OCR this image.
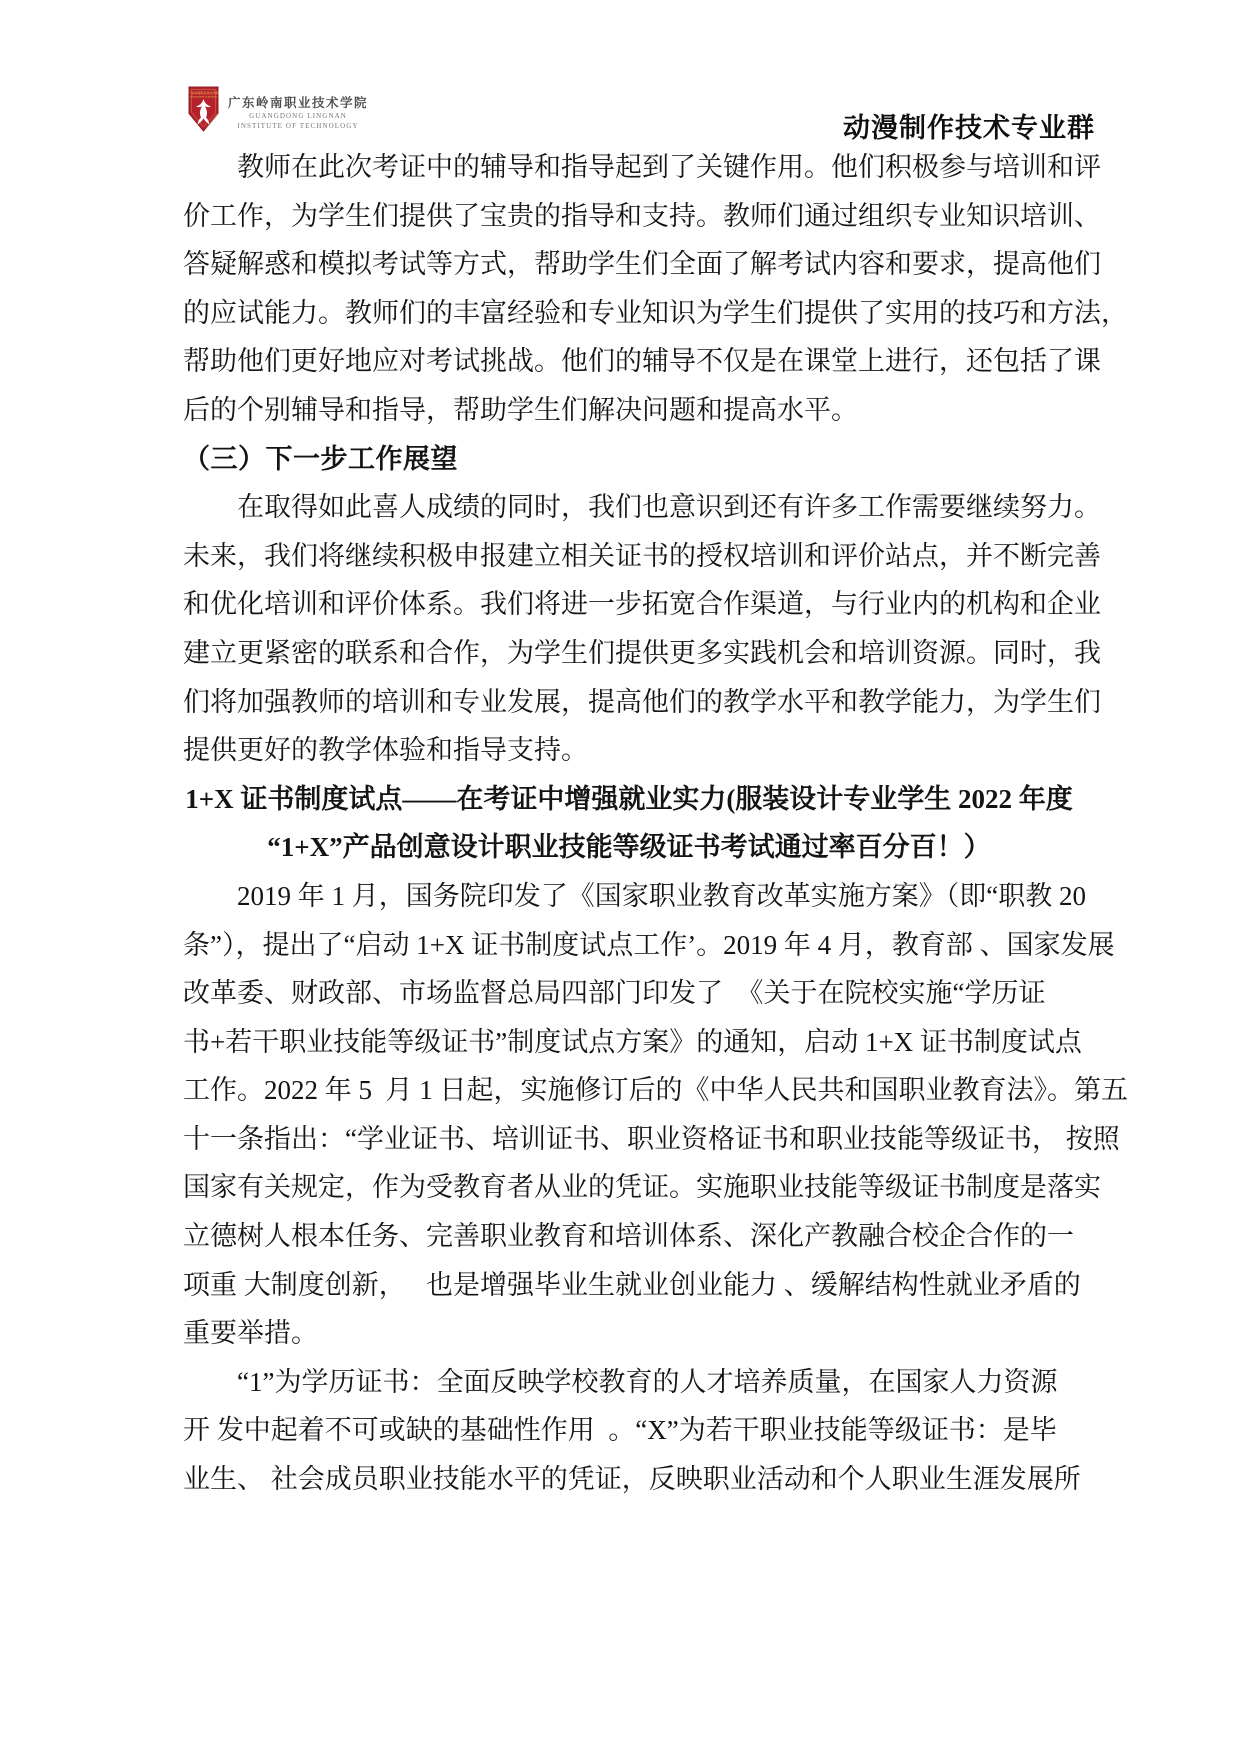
广东岭南职业技术学院
GUANGDONG LINGNAN 广东岭南职业技术学院
GUANGDONG LINGNAN
INSTITUTE OF TECHNOLOGY	动漫制作技术专业群
教师在此次考证中的辅导和指导起到了关键作用。他们积极参与培训和评
价工作，为学生们提供了宝贵的指导和支持。教师们通过组织专业知识培训、
答疑解惑和模拟考试等方式，帮助学生们全面了解考试内容和要求，提高他们
的应试能力。教师们的丰富经验和专业知识为学生们提供了实用的技巧和方法，
帮助他们更好地应对考试挑战。他们的辅导不仅是在课堂上进行，还包括了课
后的个别辅导和指导，帮助学生们解决问题和提高水平。
（三）下一步工作展望
在取得如此喜人成绩的同时，我们也意识到还有许多工作需要继续努力。
未来，我们将继续积极申报建立相关证书的授权培训和评价站点，并不断完善
和优化培训和评价体系。我们将进一步拓宽合作渠道，与行业内的机构和企业
建立更紧密的联系和合作，为学生们提供更多实践机会和培训资源。同时，我
们将加强教师的培训和专业发展，提高他们的教学水平和教学能力，为学生们
提供更好的教学体验和指导支持。
1+X 证书制度试点——在考证中增强就业实力(服装设计专业学生 2022 年度
“1+X”产品创意设计职业技能等级证书考试通过率百分百！）
2019 年 1 月，国务院印发了《国家职业教育改革实施方案》（即“职教 20
条”），提出了“启动 1+X 证书制度试点工作’。2019 年 4 月，教育部 、国家发展
改革委、财政部、市场监督总局四部门印发了  《关于在院校实施“学历证
书+若干职业技能等级证书”制度试点方案》的通知，启动 1+X 证书制度试点
工作。2022 年 5  月 1 日起，实施修订后的《中华人民共和国职业教育法》。第五
十一条指出：“学业证书、培训证书、职业资格证书和职业技能等级证书， 按照
国家有关规定，作为受教育者从业的凭证。实施职业技能等级证书制度是落实
立德树人根本任务、完善职业教育和培训体系、深化产教融合校企合作的一
项重 大制度创新，   也是增强毕业生就业创业能力 、缓解结构性就业矛盾的
重要举措。
“1”为学历证书：全面反映学校教育的人才培养质量，在国家人力资源
开 发中起着不可或缺的基础性作用  。“X”为若干职业技能等级证书：是毕
业生、 社会成员职业技能水平的凭证，反映职业活动和个人职业生涯发展所
